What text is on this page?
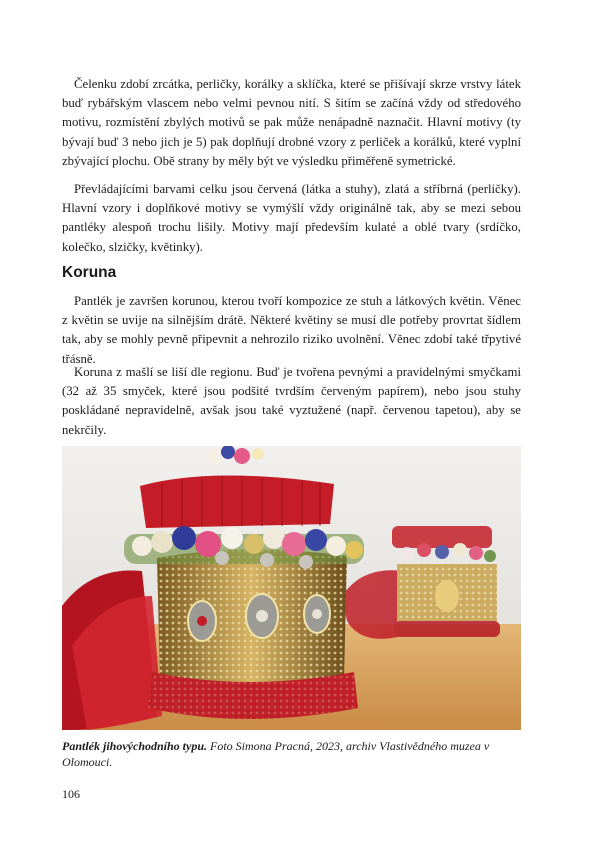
Čelenku zdobí zrcátka, perličky, korálky a sklíčka, které se přišívají skrze vrstvy látek buď rybářským vlascem nebo velmi pevnou nití. S šitím se začíná vždy od středového motivu, rozmístění zbylých motivů se pak může nenápadně naznačit. Hlavní motivy (ty bývají buď 3 nebo jich je 5) pak doplňují drobné vzory z perliček a korálků, které vyplní zbývající plochu. Obě strany by měly být ve výsledku přiměřeně symetrické.

Převládajícími barvami celku jsou červená (látka a stuhy), zlatá a stříbrná (perličky). Hlavní vzory i doplňkové motivy se vymýšlí vždy originálně tak, aby se mezi sebou pantléky alespoň trochu lišily. Motivy mají především kulaté a oblé tvary (srdíčko, kolečko, slzičky, květinky).

Koruna

Pantlék je završen korunou, kterou tvoří kompozice ze stuh a látkových květin. Věnec z květin se uvije na silnějším drátě. Některé květiny se musí dle potřeby provrtat šídlem tak, aby se mohly pevně připevnit a nehrozilo riziko uvolnění. Věnec zdobí také třpytivé třásně.

Koruna z mašlí se liší dle regionu. Buď je tvořena pevnými a pravidelnými smyčkami (32 až 35 smyček, které jsou podšité tvrdším červeným papírem), nebo jsou stuhy poskládané nepravidelně, avšak jsou také vyztužené (např. červenou tapetou), aby se nekrčily.

Pantlék jihovýchodního typu. Foto Simona Pracná, 2023, archiv Vlastivědného muzea v Olomouci.

106
